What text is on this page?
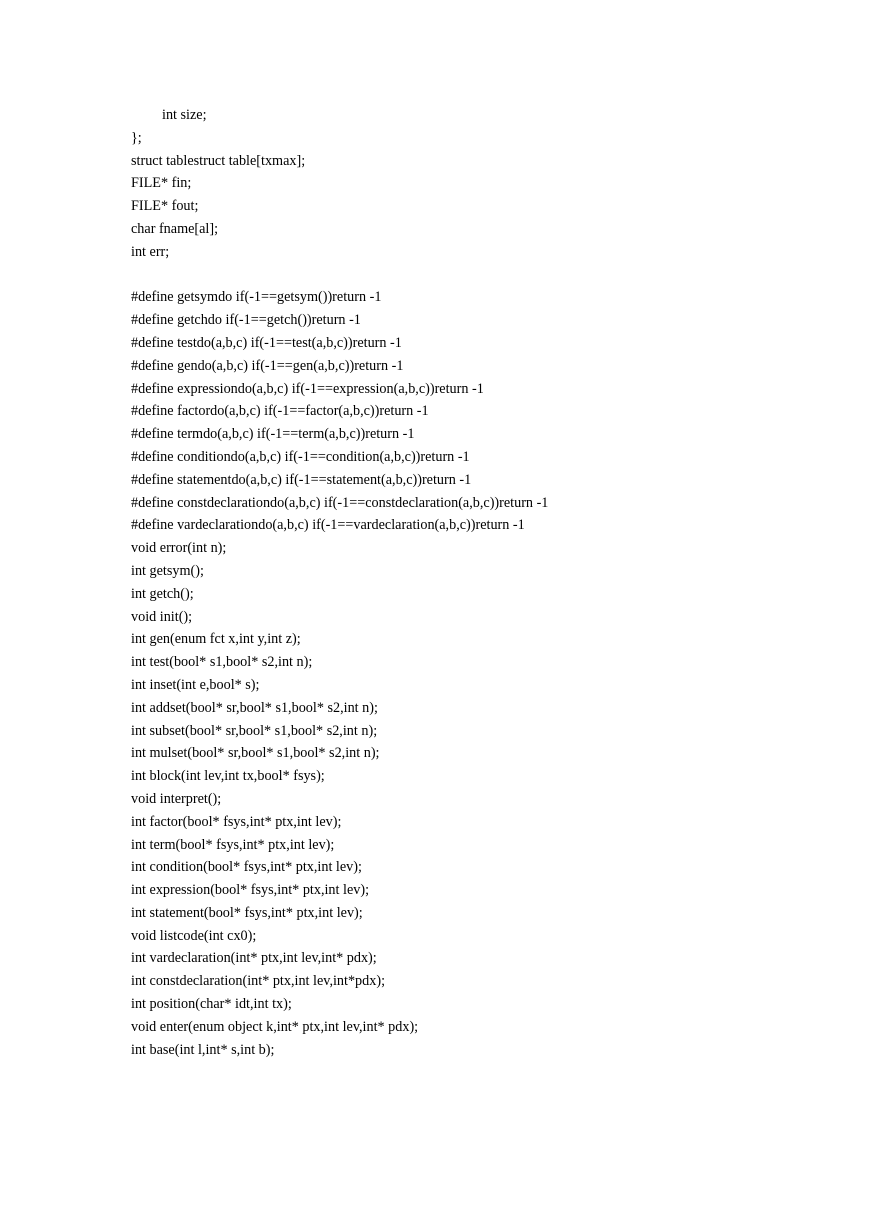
int size;
};
struct tablestruct table[txmax];
FILE* fin;
FILE* fout;
char fname[al];
int err;
#define getsymdo if(-1==getsym())return -1
#define getchdo if(-1==getch())return -1
#define testdo(a,b,c) if(-1==test(a,b,c))return -1
#define gendo(a,b,c) if(-1==gen(a,b,c))return -1
#define expressiondo(a,b,c) if(-1==expression(a,b,c))return -1
#define factordo(a,b,c) if(-1==factor(a,b,c))return -1
#define termdo(a,b,c) if(-1==term(a,b,c))return -1
#define conditiondo(a,b,c) if(-1==condition(a,b,c))return -1
#define statementdo(a,b,c) if(-1==statement(a,b,c))return -1
#define constdeclarationdo(a,b,c) if(-1==constdeclaration(a,b,c))return -1
#define vardeclarationdo(a,b,c) if(-1==vardeclaration(a,b,c))return -1
void error(int n);
int getsym();
int getch();
void init();
int gen(enum fct x,int y,int z);
int test(bool* s1,bool* s2,int n);
int inset(int e,bool* s);
int addset(bool* sr,bool* s1,bool* s2,int n);
int subset(bool* sr,bool* s1,bool* s2,int n);
int mulset(bool* sr,bool* s1,bool* s2,int n);
int block(int lev,int tx,bool* fsys);
void interpret();
int factor(bool* fsys,int* ptx,int lev);
int term(bool* fsys,int* ptx,int lev);
int condition(bool* fsys,int* ptx,int lev);
int expression(bool* fsys,int* ptx,int lev);
int statement(bool* fsys,int* ptx,int lev);
void listcode(int cx0);
int vardeclaration(int* ptx,int lev,int* pdx);
int constdeclaration(int* ptx,int lev,int*pdx);
int position(char* idt,int tx);
void enter(enum object k,int* ptx,int lev,int* pdx);
int base(int l,int* s,int b);
